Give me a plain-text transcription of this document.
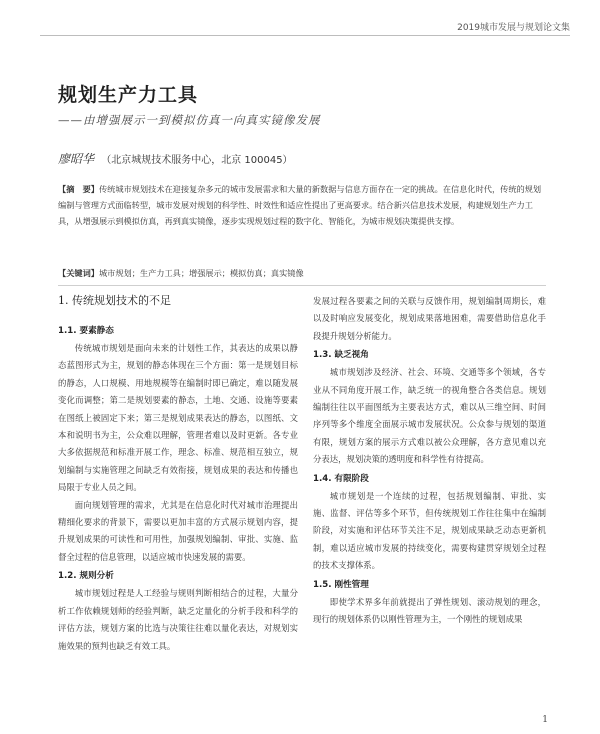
2019城市发展与规划论文集
规划生产力工具
——由增强展示一到模拟仿真一向真实镜像发展
廖昭华 （北京城规技术服务中心，北京 100045）
【摘　要】传统城市规划技术在迎接复杂多元的城市发展需求和大量的新数据与信息方面存在一定的挑战。在信息化时代，传统的规划编制与管理方式面临转型，城市发展对规划的科学性、时效性和适应性提出了更高要求。结合新兴信息技术发展，构建规划生产力工具，从增强展示到模拟仿真，再到真实镜像，逐步实现规划过程的数字化、智能化，为城市规划决策提供支撑。
【关键词】城市规划；生产力工具；增强展示；模拟仿真；真实镜像
1. 传统规划技术的不足
1.1. 要素静态

传统城市规划是面向未来的计划性工作，其表达的成果以静态蓝图形式为主，规划的静态体现在三个方面：第一是规划目标的静态，人口规模、用地规模等在编制时即已确定，难以随发展变化而调整；第二是规划要素的静态，土地、交通、设施等要素在图纸上被固定下来；第三是规划成果表达的静态，以图纸、文本和说明书为主，公众难以理解，管理者难以及时更新。各专业大多依据规范和标准开展工作，理念、标准、规范相互独立，规划编制与实施管理之间缺乏有效衔接，规划成果的表达和传播也局限于专业人员之间。

面向规划管理的需求，尤其是在信息化时代对城市治理提出精细化要求的背景下，需要以更加丰富的方式展示规划内容，提升规划成果的可读性和可用性，加强规划编制、审批、实施、监督全过程的信息管理，以适应城市快速发展的需要。

1.2. 规则分析

城市规划过程是人工经验与规则判断相结合的过程，大量分析工作依赖规划师的经验判断，缺乏定量化的分析手段和科学的评估方法，规划方案的比选与决策往往难以量化表达，对规划实施效果的预判也缺乏有效工具。

发展过程各要素之间的关联与反馈作用，规划编制周期长，难以及时响应发展变化，规划成果落地困难，需要借助信息化手段提升规划分析能力。

1.3. 缺乏视角

城市规划涉及经济、社会、环境、交通等多个领域，各专业从不同角度开展工作，缺乏统一的视角整合各类信息。规划编制往往以平面图纸为主要表达方式，难以从三维空间、时间序列等多个维度全面展示城市发展状况。公众参与规划的渠道有限，规划方案的展示方式难以被公众理解，各方意见难以充分表达，规划决策的透明度和科学性有待提高。

1.4. 有限阶段

城市规划是一个连续的过程，包括规划编制、审批、实施、监督、评估等多个环节，但传统规划工作往往集中在编制阶段，对实施和评估环节关注不足，规划成果缺乏动态更新机制，难以适应城市发展的持续变化，需要构建贯穿规划全过程的技术支撑体系。

1.5. 刚性管理

即使学术界多年前就提出了弹性规划、滚动规划的理念，现行的规划体系仍以刚性管理为主，一个刚性的规划成果

1
